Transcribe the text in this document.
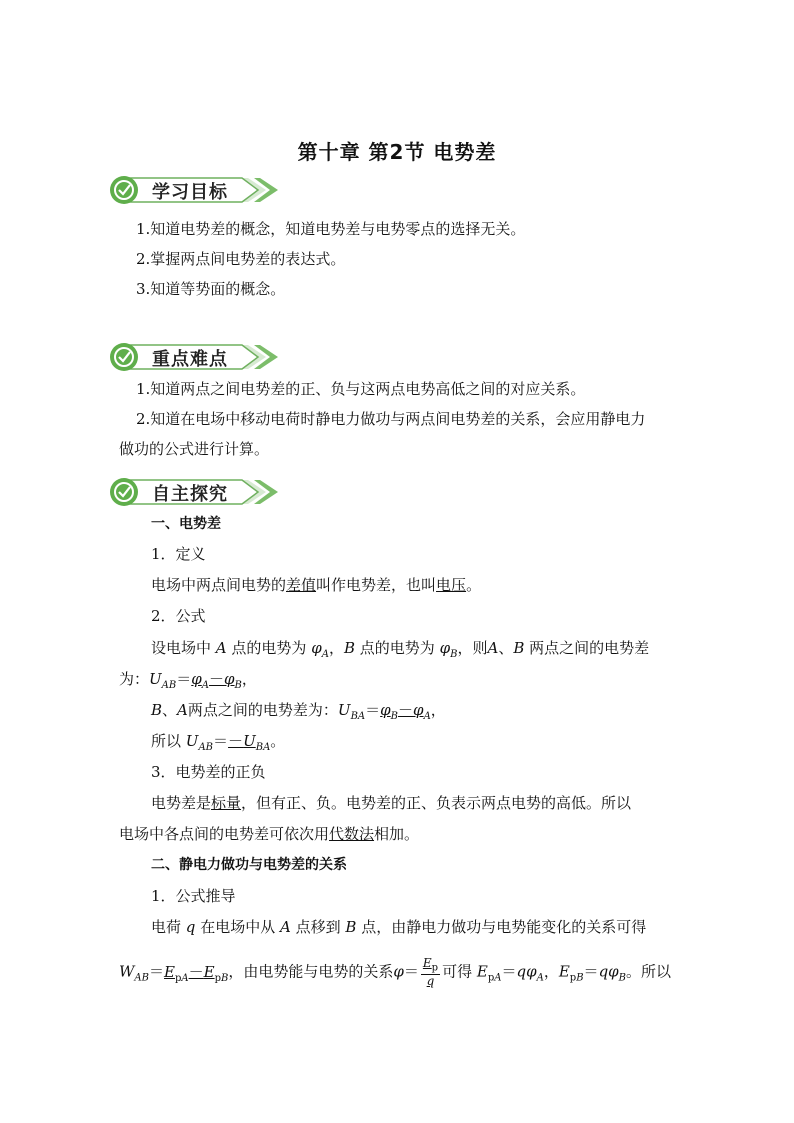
第十章 第2节 电势差
学习目标
1.知道电势差的概念，知道电势差与电势零点的选择无关。
2.掌握两点间电势差的表达式。
3.知道等势面的概念。
重点难点
1.知道两点之间电势差的正、负与这两点电势高低之间的对应关系。
2.知道在电场中移动电荷时静电力做功与两点间电势差的关系，会应用静电力
做功的公式进行计算。
自主探究
一、电势差
1．定义
电场中两点间电势的差值叫作电势差，也叫电压。
2．公式
设电场中 A 点的电势为 $\varphi_A$，B 点的电势为 $\varphi_B$，则A、B 两点之间的电势差
为：$U_{AB}=\varphi_A-\varphi_B$，
B、A两点之间的电势差为：$U_{BA}=\varphi_B-\varphi_A$，
所以 $U_{AB}=-U_{BA}$。
3．电势差的正负
电势差是标量，但有正、负。电势差的正、负表示两点电势的高低。所以
电场中各点间的电势差可依次用代数法相加。
二、静电力做功与电势差的关系
1．公式推导
电荷 q 在电场中从 A 点移到 B 点，由静电力做功与电势能变化的关系可得
$W_{AB}=E_{pA}-E_{pB}$，由电势能与电势的关系$\varphi= \frac{E_p}{q}$ 可得 $E_{pA}=q\varphi_A$，$E_{pB}=q\varphi_B$。所以
